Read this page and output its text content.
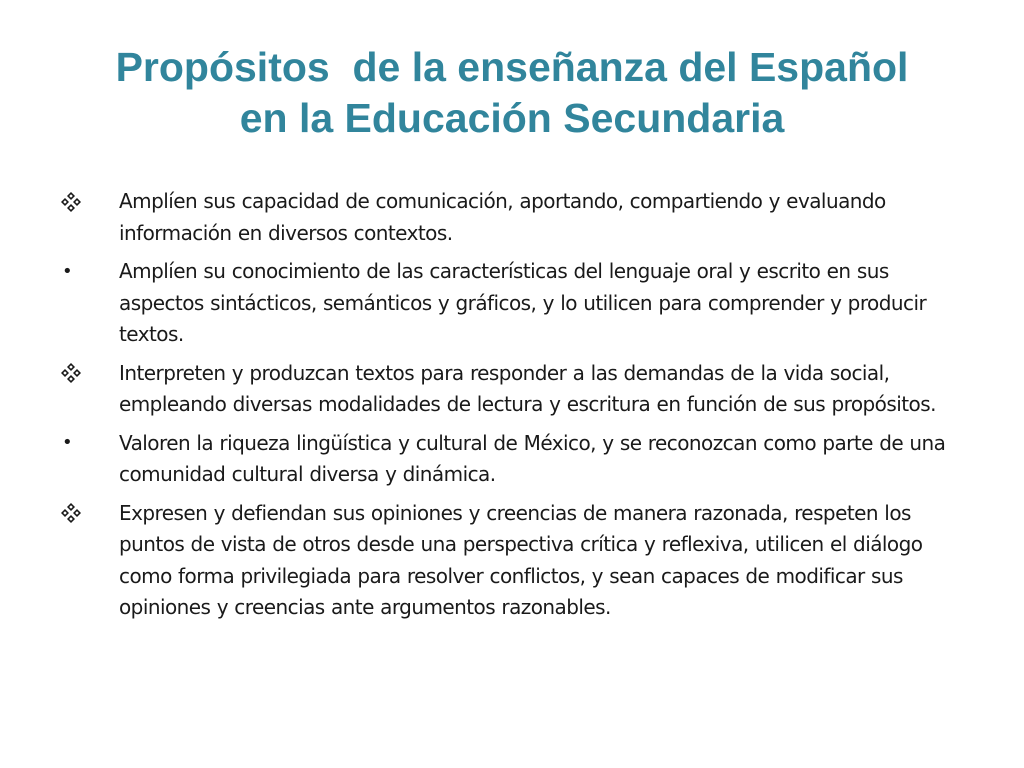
Propósitos  de la enseñanza del Español
en la Educación Secundaria
Amplíen sus capacidad de comunicación, aportando, compartiendo y evaluando información en diversos contextos.
•	Amplíen su conocimiento de las características del lenguaje oral y escrito en sus aspectos sintácticos, semánticos y gráficos, y lo utilicen para comprender y producir textos.
Interpreten y produzcan textos para responder a las demandas de la vida social, empleando diversas modalidades de lectura y escritura en función de sus propósitos.
•	Valoren la riqueza lingüística y cultural de México, y se reconozcan como parte de una comunidad cultural diversa y dinámica.
Expresen y defiendan sus opiniones y creencias de manera razonada, respeten los puntos de vista de otros desde una perspectiva crítica y reflexiva, utilicen el diálogo como forma privilegiada para resolver conflictos, y sean capaces de modificar sus opiniones y creencias ante argumentos razonables.
